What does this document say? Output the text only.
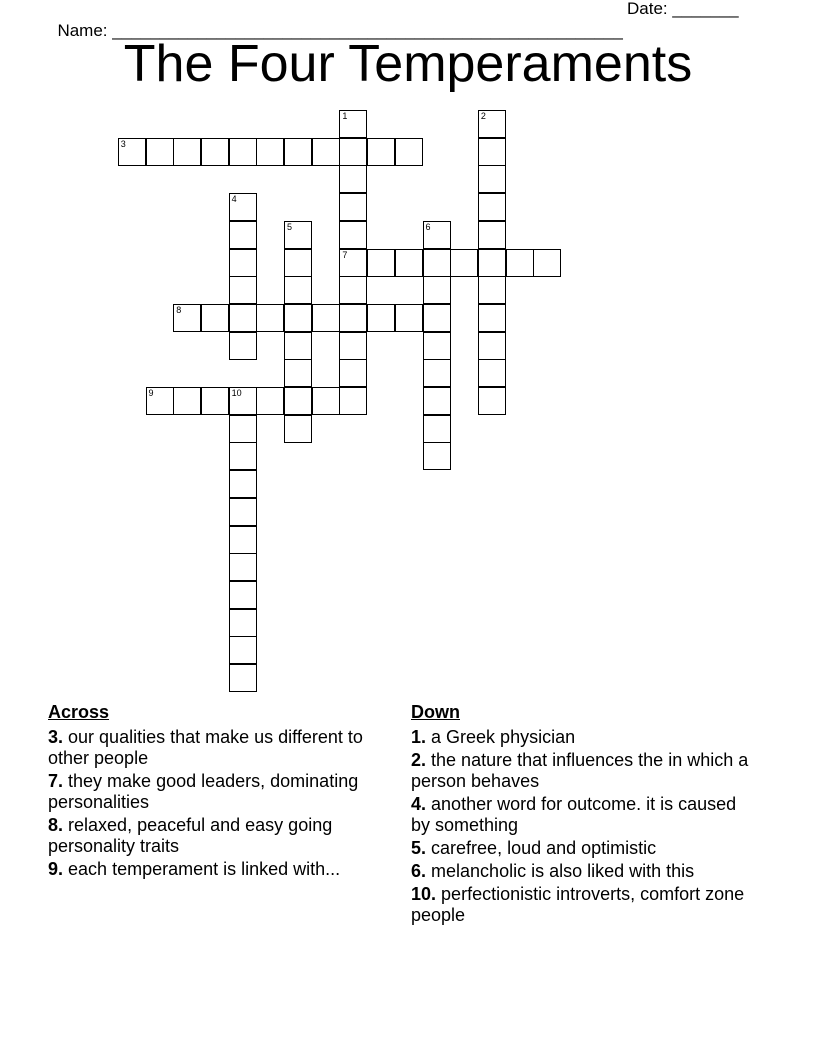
Name: ______________________________________________________

Date: _______

The Four Temperaments
3
7
8
9	10
1	2
4
5	6
Across
3. our qualities that make us different to other people
7. they make good leaders, dominating personalities
8. relaxed, peaceful and easy going personality traits
9. each temperament is linked with...
Down
1. a Greek physician
2. the nature that influences the in which a person behaves
4. another word for outcome. it is caused by something
5. carefree, loud and optimistic
6. melancholic is also liked with this
10. perfectionistic introverts, comfort zone people
